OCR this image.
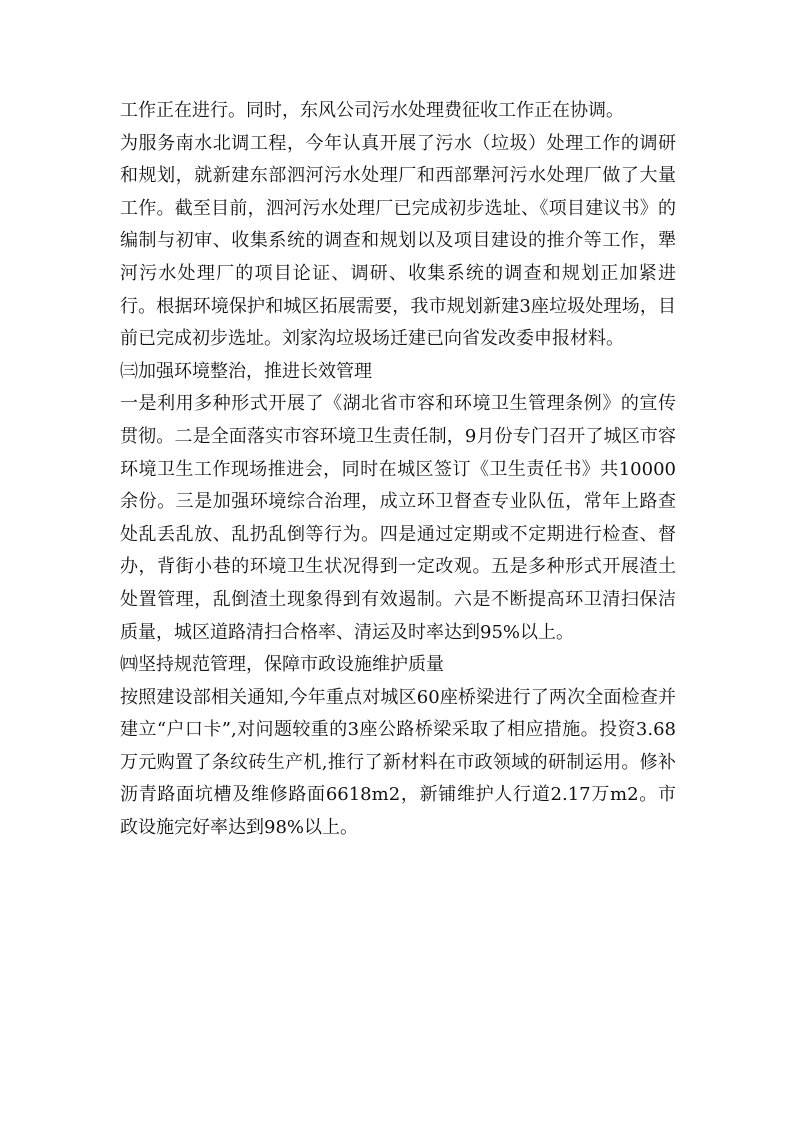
工作正在进行。同时，东风公司污水处理费征收工作正在协调。

为服务南水北调工程，今年认真开展了污水（垃圾）处理工作的调研和规划，就新建东部泗河污水处理厂和西部犟河污水处理厂做了大量工作。截至目前，泗河污水处理厂已完成初步选址、《项目建议书》的编制与初审、收集系统的调查和规划以及项目建设的推介等工作，犟河污水处理厂的项目论证、调研、收集系统的调查和规划正加紧进行。根据环境保护和城区拓展需要，我市规划新建3座垃圾处理场，目前已完成初步选址。刘家沟垃圾场迁建已向省发改委申报材料。

㈢加强环境整治，推进长效管理

一是利用多种形式开展了《湖北省市容和环境卫生管理条例》的宣传贯彻。二是全面落实市容环境卫生责任制，9月份专门召开了城区市容环境卫生工作现场推进会，同时在城区签订《卫生责任书》共10000余份。三是加强环境综合治理，成立环卫督查专业队伍，常年上路查处乱丢乱放、乱扔乱倒等行为。四是通过定期或不定期进行检查、督办，背街小巷的环境卫生状况得到一定改观。五是多种形式开展渣土处置管理，乱倒渣土现象得到有效遏制。六是不断提高环卫清扫保洁质量，城区道路清扫合格率、清运及时率达到95%以上。

㈣坚持规范管理，保障市政设施维护质量

按照建设部相关通知,今年重点对城区60座桥梁进行了两次全面检查并建立“户口卡”,对问题较重的3座公路桥梁采取了相应措施。投资3.68万元购置了条纹砖生产机,推行了新材料在市政领域的研制运用。修补沥青路面坑槽及维修路面6618m2，新铺维护人行道2.17万m2。市政设施完好率达到98%以上。
